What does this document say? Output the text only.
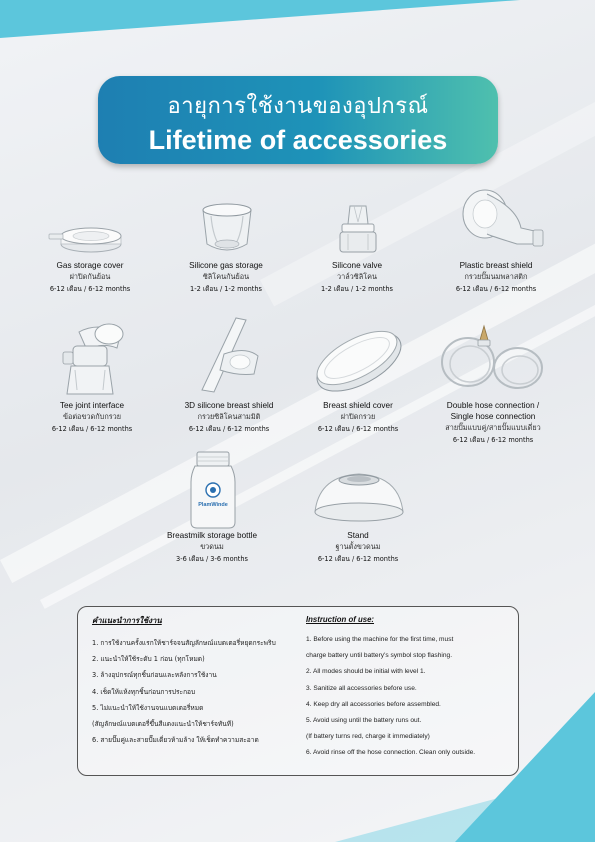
อายุการใช้งานของอุปกรณ์
Lifetime of accessories
Gas storage cover
ฝาปิดกันย้อน
6-12 เดือน / 6-12 months
Silicone gas storage
ซิลิโคนกันย้อน
1-2 เดือน / 1-2 months
Silicone valve
วาล์วซิลิโคน
1-2 เดือน / 1-2 months
Plastic breast shield
กรวยปั๊มนมพลาสติก
6-12 เดือน / 6-12 months
Tee joint interface
ข้อต่อขวดกับกรวย
6-12 เดือน / 6-12 months
3D silicone breast shield
กรวยซิลิโคนสามมิติ
6-12 เดือน / 6-12 months
Breast shield cover
ฝาปิดกรวย
6-12 เดือน / 6-12 months
Double hose connection /
Single hose connection
สายปั๊มแบบคู่/สายปั๊มแบบเดี่ยว
6-12 เดือน / 6-12 months
PlamWinde
Breastmilk storage bottle
ขวดนม
3-6 เดือน / 3-6 months
Stand
ฐานตั้งขวดนม
6-12 เดือน / 6-12 months
คำแนะนำการใช้งาน
1. การใช้งานครั้งแรกให้ชาร์จจนสัญลักษณ์แบตเตอรี่หยุดกระพริบ
2. แนะนำให้ใช้ระดับ 1 ก่อน (ทุกโหมด)
3. ล้างอุปกรณ์ทุกชิ้นก่อนและหลังการใช้งาน
4. เช็ดให้แห้งทุกชิ้นก่อนการประกอบ
5. ไม่แนะนำให้ใช้งานจนแบตเตอรี่หมด
(สัญลักษณ์แบตเตอรี่ขึ้นสีแดงแนะนำให้ชาร์จทันที)
6. สายปั๊มคู่และสายปั๊มเดี่ยวห้ามล้าง ให้เช็ดทำความสะอาด
Instruction of use:
1. Before using the machine for the first time, must
charge battery until battery's symbol stop flashing.
2. All modes should be initial with level 1.
3. Sanitize all accessories before use.
4. Keep dry all accessories before assembled.
5. Avoid using until the battery runs out.
(If battery turns red, charge it immediately)
6. Avoid rinse off the hose connection. Clean only outside.
